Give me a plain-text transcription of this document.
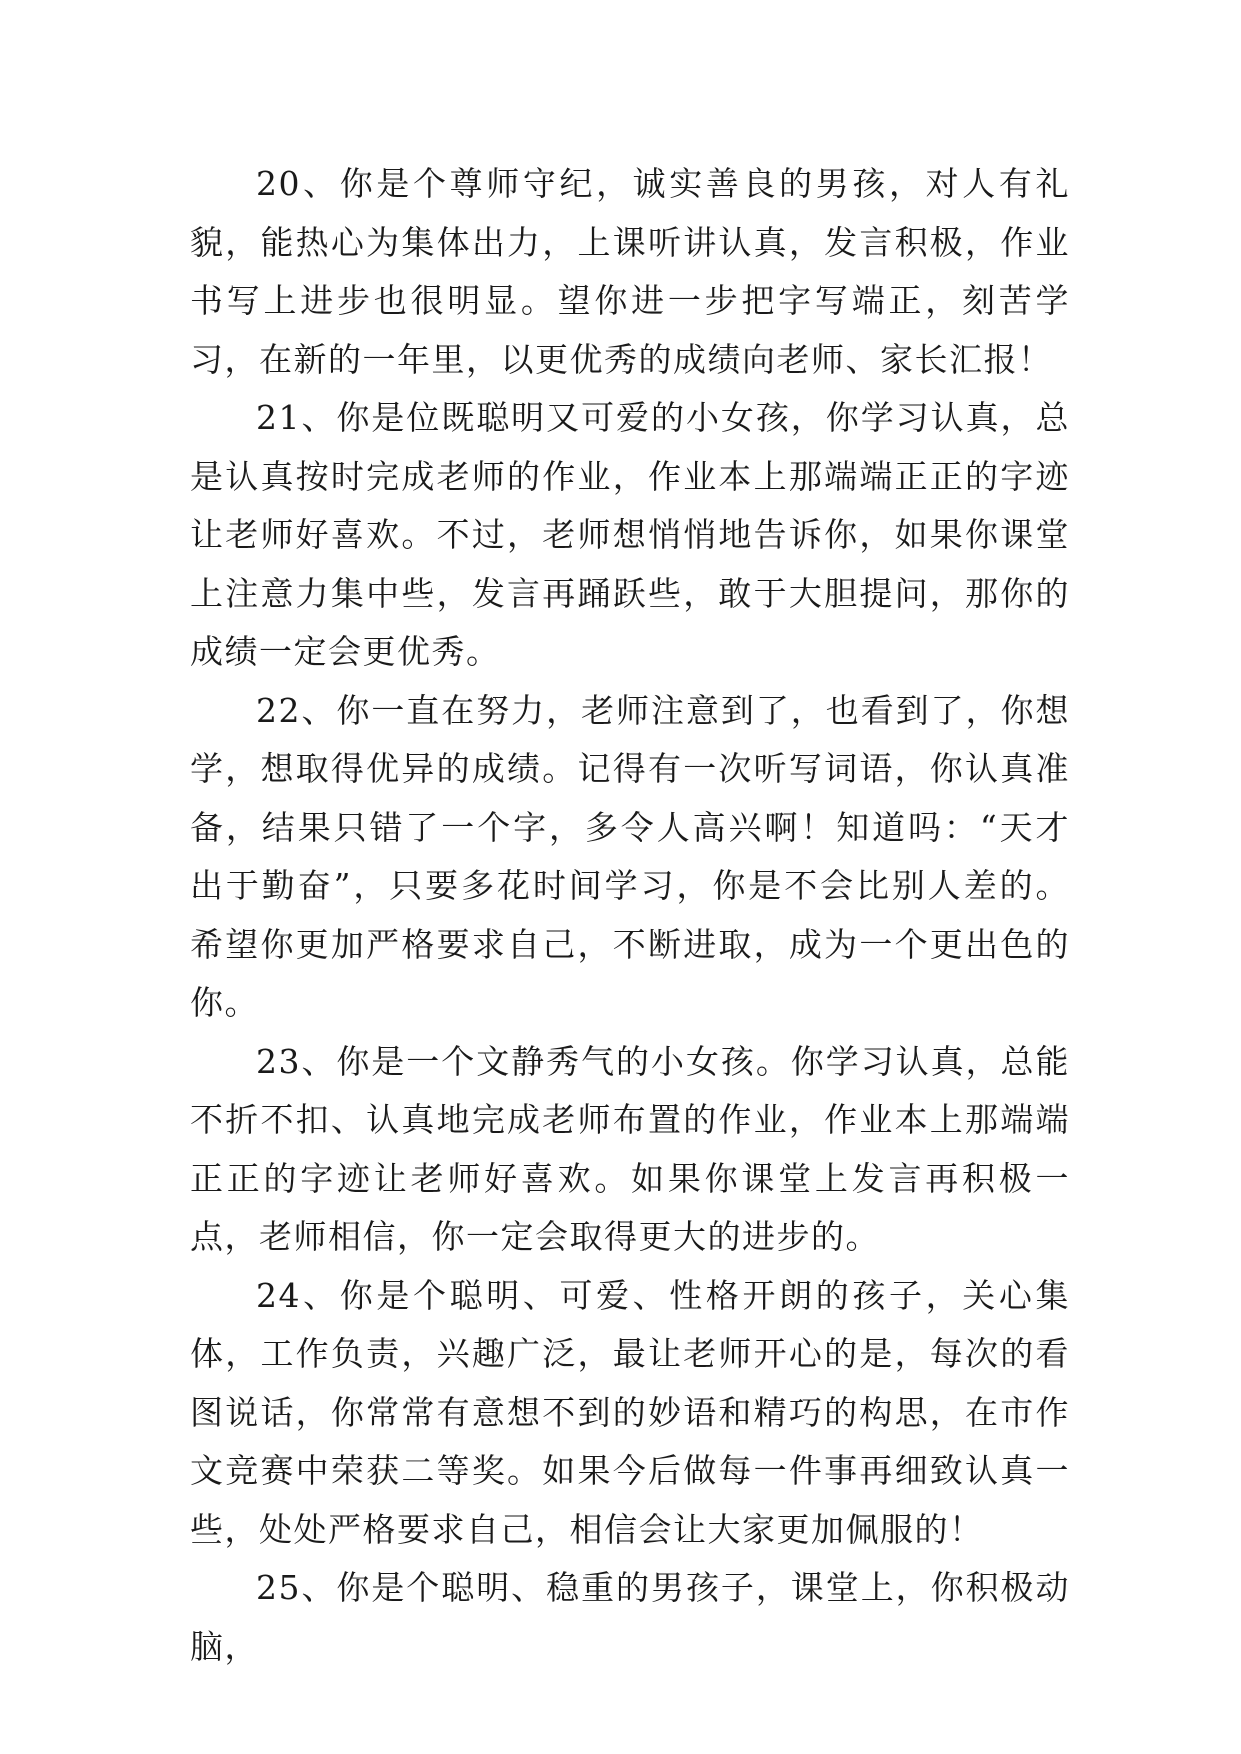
20、你是个尊师守纪，诚实善良的男孩，对人有礼貌，能热心为集体出力，上课听讲认真，发言积极，作业书写上进步也很明显。望你进一步把字写端正，刻苦学习，在新的一年里，以更优秀的成绩向老师、家长汇报！

21、你是位既聪明又可爱的小女孩，你学习认真，总是认真按时完成老师的作业，作业本上那端端正正的字迹让老师好喜欢。不过，老师想悄悄地告诉你，如果你课堂上注意力集中些，发言再踊跃些，敢于大胆提问，那你的成绩一定会更优秀。

22、你一直在努力，老师注意到了，也看到了，你想学，想取得优异的成绩。记得有一次听写词语，你认真准备，结果只错了一个字，多令人高兴啊！知道吗：“天才出于勤奋”，只要多花时间学习，你是不会比别人差的。希望你更加严格要求自己，不断进取，成为一个更出色的你。

23、你是一个文静秀气的小女孩。你学习认真，总能不折不扣、认真地完成老师布置的作业，作业本上那端端正正的字迹让老师好喜欢。如果你课堂上发言再积极一点，老师相信，你一定会取得更大的进步的。

24、你是个聪明、可爱、性格开朗的孩子，关心集体，工作负责，兴趣广泛，最让老师开心的是，每次的看图说话，你常常有意想不到的妙语和精巧的构思，在市作文竞赛中荣获二等奖。如果今后做每一件事再细致认真一些，处处严格要求自己，相信会让大家更加佩服的！

25、你是个聪明、稳重的男孩子，课堂上，你积极动脑，
